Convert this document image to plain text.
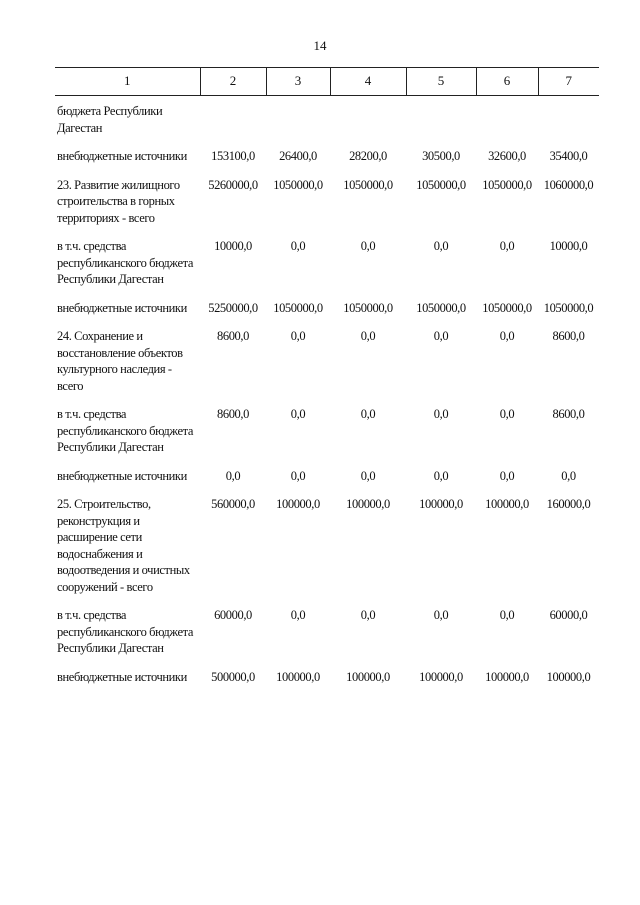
14
1	2	3	4	5	6	7
бюджета Республики Дагестан						
внебюджетные источники	153100,0	26400,0	28200,0	30500,0	32600,0	35400,0
23. Развитие жилищного строительства в горных территориях - всего	5260000,0	1050000,0	1050000,0	1050000,0	1050000,0	1060000,0
в т.ч. средства республиканского бюджета Республики Дагестан	10000,0	0,0	0,0	0,0	0,0	10000,0
внебюджетные источники	5250000,0	1050000,0	1050000,0	1050000,0	1050000,0	1050000,0
24. Сохранение и восстановление объектов культурного наследия - всего	8600,0	0,0	0,0	0,0	0,0	8600,0
в т.ч. средства республиканского бюджета Республики Дагестан	8600,0	0,0	0,0	0,0	0,0	8600,0
внебюджетные источники	0,0	0,0	0,0	0,0	0,0	0,0
25. Строительство, реконструкция и расширение сети водоснабжения и водоотведения и очистных сооружений - всего	560000,0	100000,0	100000,0	100000,0	100000,0	160000,0
в т.ч. средства республиканского бюджета Республики Дагестан	60000,0	0,0	0,0	0,0	0,0	60000,0
внебюджетные источники	500000,0	100000,0	100000,0	100000,0	100000,0	100000,0
